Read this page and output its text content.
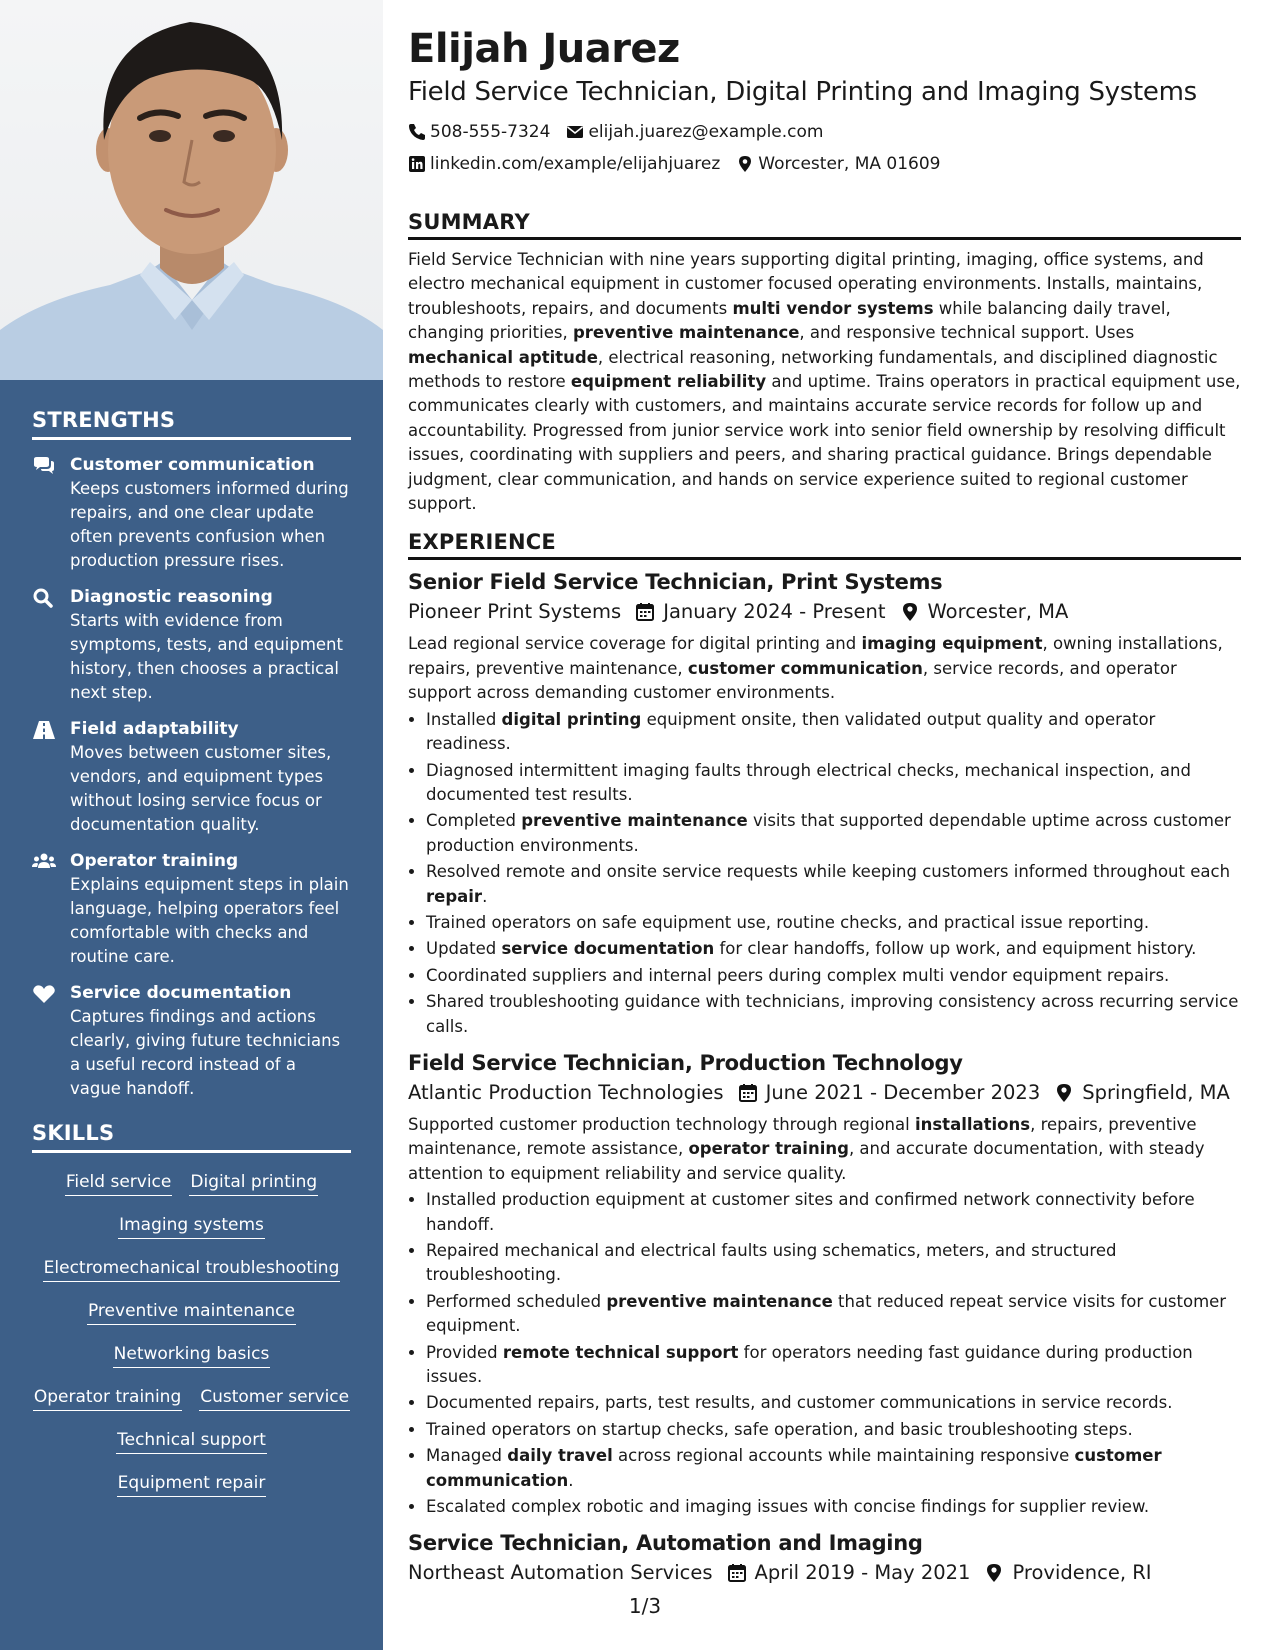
STRENGTHS
Customer communication
Keeps customers informed during repairs, and one clear update often prevents confusion when production pressure rises.
Diagnostic reasoning
Starts with evidence from symptoms, tests, and equipment history, then chooses a practical next step.
Field adaptability
Moves between customer sites, vendors, and equipment types without losing service focus or documentation quality.
Operator training
Explains equipment steps in plain language, helping operators feel comfortable with checks and routine care.
Service documentation
Captures findings and actions clearly, giving future technicians a useful record instead of a vague handoff.
SKILLS
Field service Digital printing
Imaging systems
Electromechanical troubleshooting
Preventive maintenance
Networking basics
Operator training Customer service
Technical support
Equipment repair
Elijah Juarez
Field Service Technician, Digital Printing and Imaging Systems
508-555-7324 elijah.juarez@example.com
linkedin.com/example/elijahjuarez Worcester, MA 01609
SUMMARY

Field Service Technician with nine years supporting digital printing, imaging, office systems, and electro mechanical equipment in customer focused operating environments. Installs, maintains, troubleshoots, repairs, and documents multi vendor systems while balancing daily travel, changing priorities, preventive maintenance, and responsive technical support. Uses mechanical aptitude, electrical reasoning, networking fundamentals, and disciplined diagnostic methods to restore equipment reliability and uptime. Trains operators in practical equipment use, communicates clearly with customers, and maintains accurate service records for follow up and accountability. Progressed from junior service work into senior field ownership by resolving difficult issues, coordinating with suppliers and peers, and sharing practical guidance. Brings dependable judgment, clear communication, and hands on service experience suited to regional customer support.

EXPERIENCE
Senior Field Service Technician, Print Systems
Pioneer Print Systems January 2024 - Present Worcester, MA

Lead regional service coverage for digital printing and imaging equipment, owning installations, repairs, preventive maintenance, customer communication, service records, and operator support across demanding customer environments.

• Installed digital printing equipment onsite, then validated output quality and operator readiness.
• Diagnosed intermittent imaging faults through electrical checks, mechanical inspection, and documented test results.
• Completed preventive maintenance visits that supported dependable uptime across customer production environments.
• Resolved remote and onsite service requests while keeping customers informed throughout each repair.
• Trained operators on safe equipment use, routine checks, and practical issue reporting.
• Updated service documentation for clear handoffs, follow up work, and equipment history.
• Coordinated suppliers and internal peers during complex multi vendor equipment repairs.
• Shared troubleshooting guidance with technicians, improving consistency across recurring service calls.
Field Service Technician, Production Technology
Atlantic Production Technologies June 2021 - December 2023 Springfield, MA

Supported customer production technology through regional installations, repairs, preventive maintenance, remote assistance, operator training, and accurate documentation, with steady attention to equipment reliability and service quality.

• Installed production equipment at customer sites and confirmed network connectivity before handoff.
• Repaired mechanical and electrical faults using schematics, meters, and structured troubleshooting.
• Performed scheduled preventive maintenance that reduced repeat service visits for customer equipment.
• Provided remote technical support for operators needing fast guidance during production issues.
• Documented repairs, parts, test results, and customer communications in service records.
• Trained operators on startup checks, safe operation, and basic troubleshooting steps.
• Managed daily travel across regional accounts while maintaining responsive customer communication.
• Escalated complex robotic and imaging issues with concise findings for supplier review.
Service Technician, Automation and Imaging
Northeast Automation Services April 2019 - May 2021 Providence, RI
1/3
